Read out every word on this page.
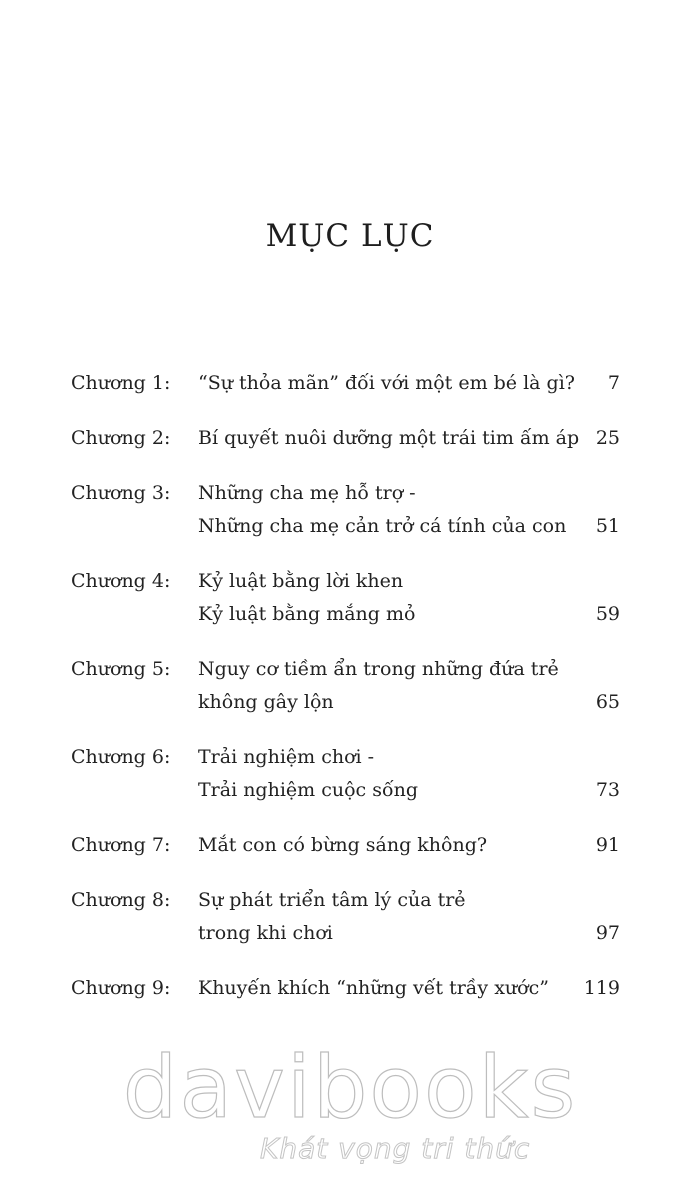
MỤC LỤC
Chương 1: “Sự thỏa mãn” đối với một em bé là gì? 7
Chương 2: Bí quyết nuôi dưỡng một trái tim ấm áp 25
Chương 3: Những cha mẹ hỗ trợ -
Những cha mẹ cản trở cá tính của con 51
Chương 4: Kỷ luật bằng lời khen
Kỷ luật bằng mắng mỏ	59
Chương 5: Nguy cơ tiềm ẩn trong những đứa trẻ
không gây lộn	65
Chương 6: Trải nghiệm chơi -
Trải nghiệm cuộc sống	73
Chương 7: Mắt con có bừng sáng không?	91
Chương 8: Sự phát triển tâm lý của trẻ
trong khi chơi	97
Chương 9: Khuyến khích “những vết trầy xước” 119
davibooks
Khát vọng tri thức
